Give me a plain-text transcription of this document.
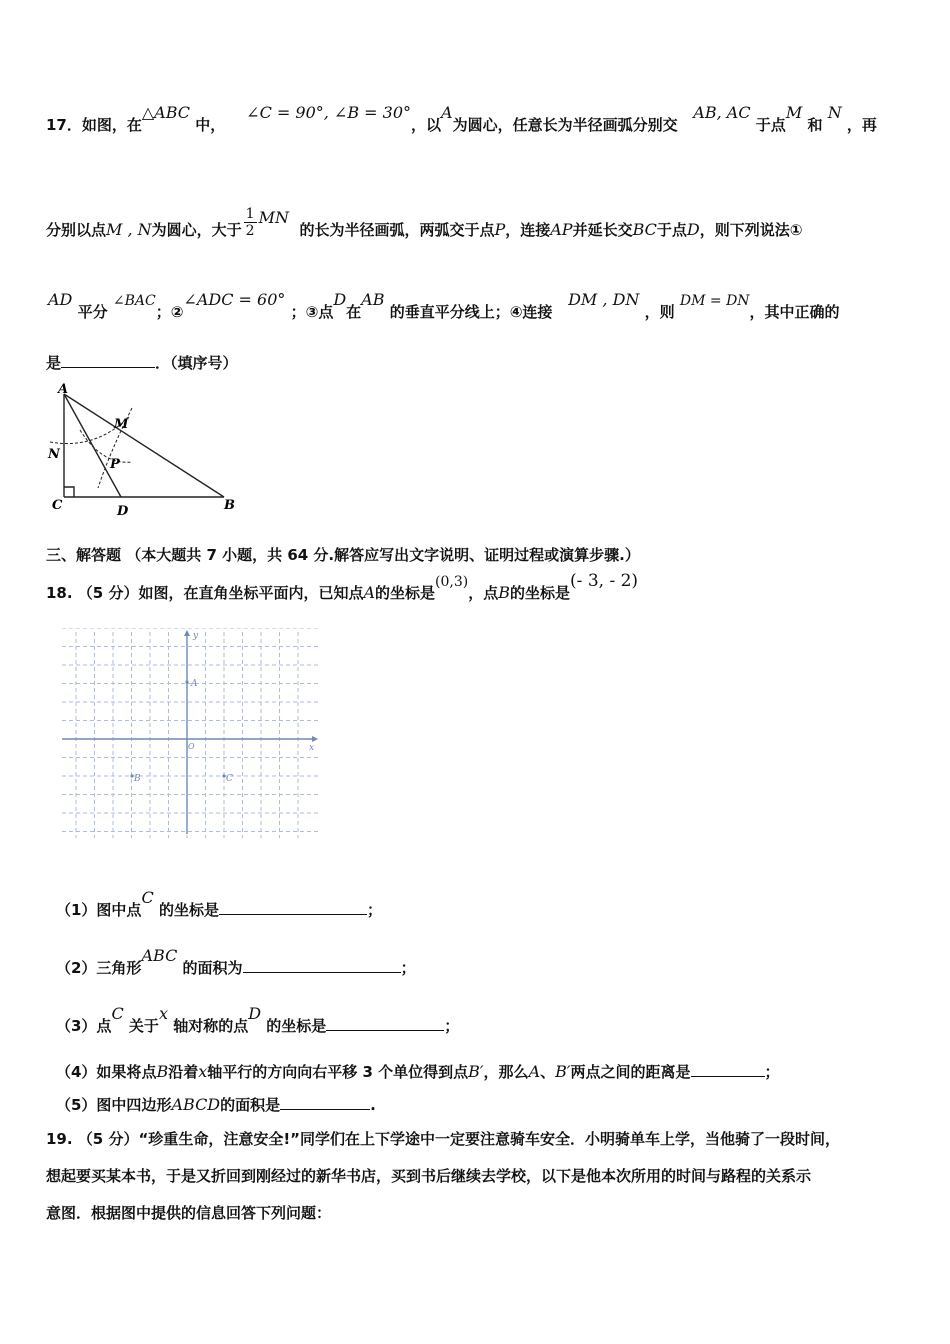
17．如图，在△ABC 中，    ∠C = 90°, ∠B = 30°，以A为圆心，任意长为半径画弧分别交   AB, AC 于点M 和 N ，再
分别以点M , N为圆心，大于 $\frac{1}{2}$ MN  的长为半径画弧，两弧交于点P，连接AP并延长交BC于点D，则下列说法①
AD 平分 ∠BAC；②∠ADC = 60° ；③点D在AB 的垂直平分线上；④连接   DM , DN ，则 DM = DN，其中正确的
是	．（填序号）
A
C	D	B
M
N
P
三、解答题 （本大题共 7 小题，共 64 分.解答应写出文字说明、证明过程或演算步骤.）
18. （5 分）如图，在直角坐标平面内，已知点A的坐标是(0,3)，点B的坐标是(- 3, - 2)
y
x
O
A
B	C
（1）图中点C 的坐标是	；
（2）三角形ABC 的面积为	；
（3）点C 关于x 轴对称的点D 的坐标是	；
（4）如果将点B沿着x轴平行的方向向右平移 3 个单位得到点B′，那么A、B′两点之间的距离是	；
（5）图中四边形ABCD的面积是	.
19. （5 分）“珍重生命，注意安全!”同学们在上下学途中一定要注意骑车安全．小明骑单车上学，当他骑了一段时间，
想起要买某本书，于是又折回到刚经过的新华书店，买到书后继续去学校，以下是他本次所用的时间与路程的关系示
意图．根据图中提供的信息回答下列问题：
